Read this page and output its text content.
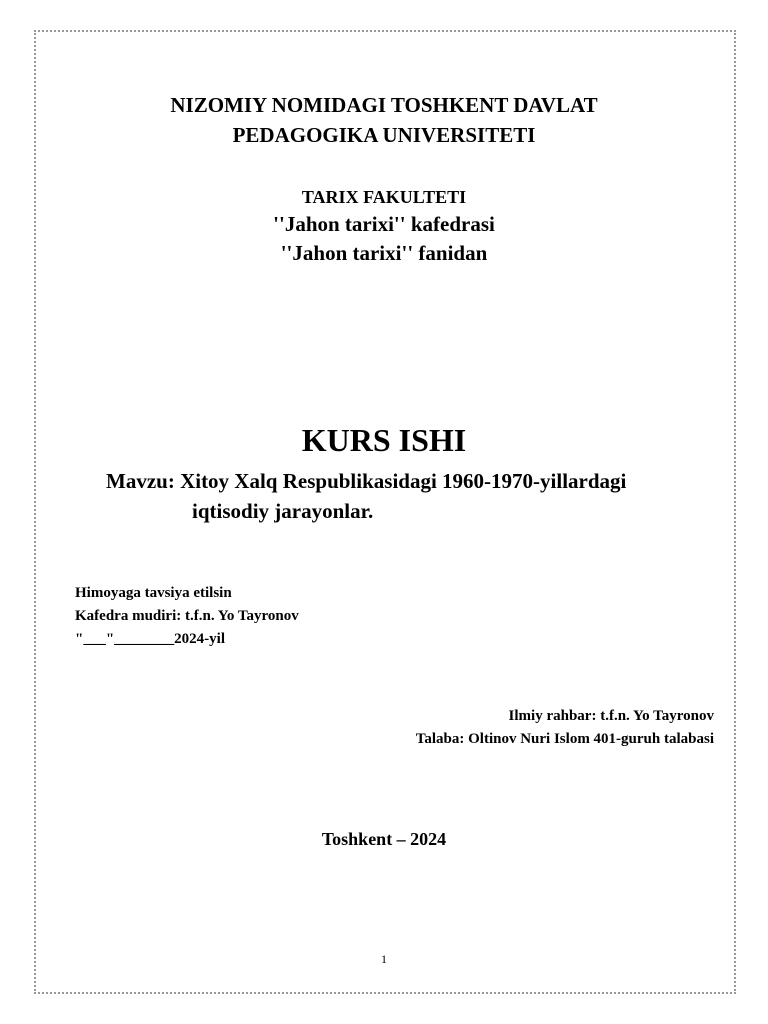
NIZOMIY NOMIDAGI TOSHKENT DAVLAT
PEDAGOGIKA UNIVERSITETI
TARIX FAKULTETI
''Jahon tarixi'' kafedrasi
''Jahon tarixi'' fanidan
KURS ISHI
Mavzu: Xitoy Xalq Respublikasidagi 1960-1970-yillardagi
iqtisodiy jarayonlar.
Himoyaga tavsiya etilsin
Kafedra mudiri: t.f.n. Yo Tayronov
"___"________2024-yil
Ilmiy rahbar: t.f.n. Yo Tayronov
Talaba: Oltinov Nuri Islom 401-guruh talabasi
Toshkent – 2024
1
